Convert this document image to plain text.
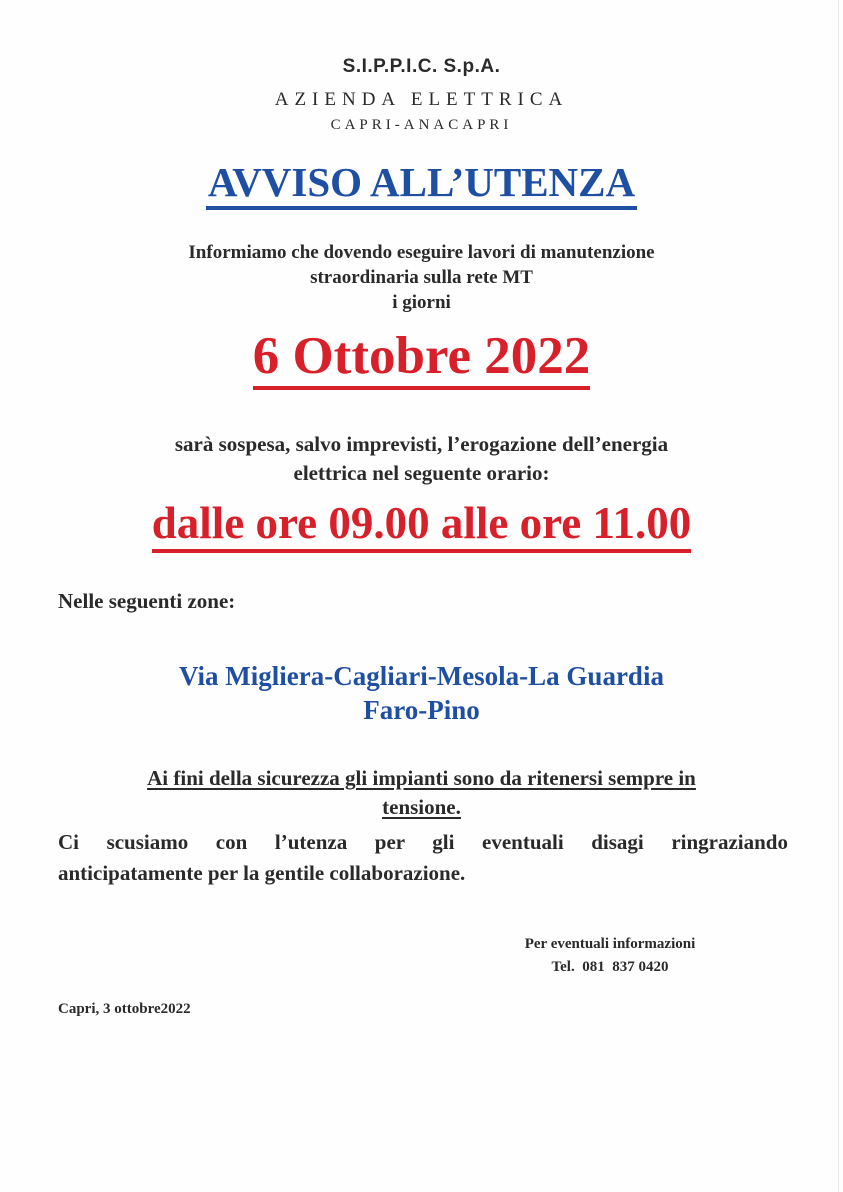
S.I.P.P.I.C. S.p.A.
AZIENDA ELETTRICA
CAPRI-ANACAPRI
AVVISO ALL’UTENZA
Informiamo che dovendo eseguire lavori di manutenzione
straordinaria sulla rete MT
i giorni
6 Ottobre 2022
sarà sospesa, salvo imprevisti, l’erogazione dell’energia
elettrica nel seguente orario:
dalle ore 09.00 alle ore 11.00
Nelle seguenti zone:
Via Migliera-Cagliari-Mesola-La Guardia
Faro-Pino
Ai fini della sicurezza gli impianti sono da ritenersi sempre in
tensione.
Ci scusiamo con l’utenza per gli eventuali disagi ringraziando
anticipatamente per la gentile collaborazione.
Per eventuali informazioni
Tel.  081  837 0420
Capri, 3 ottobre2022
